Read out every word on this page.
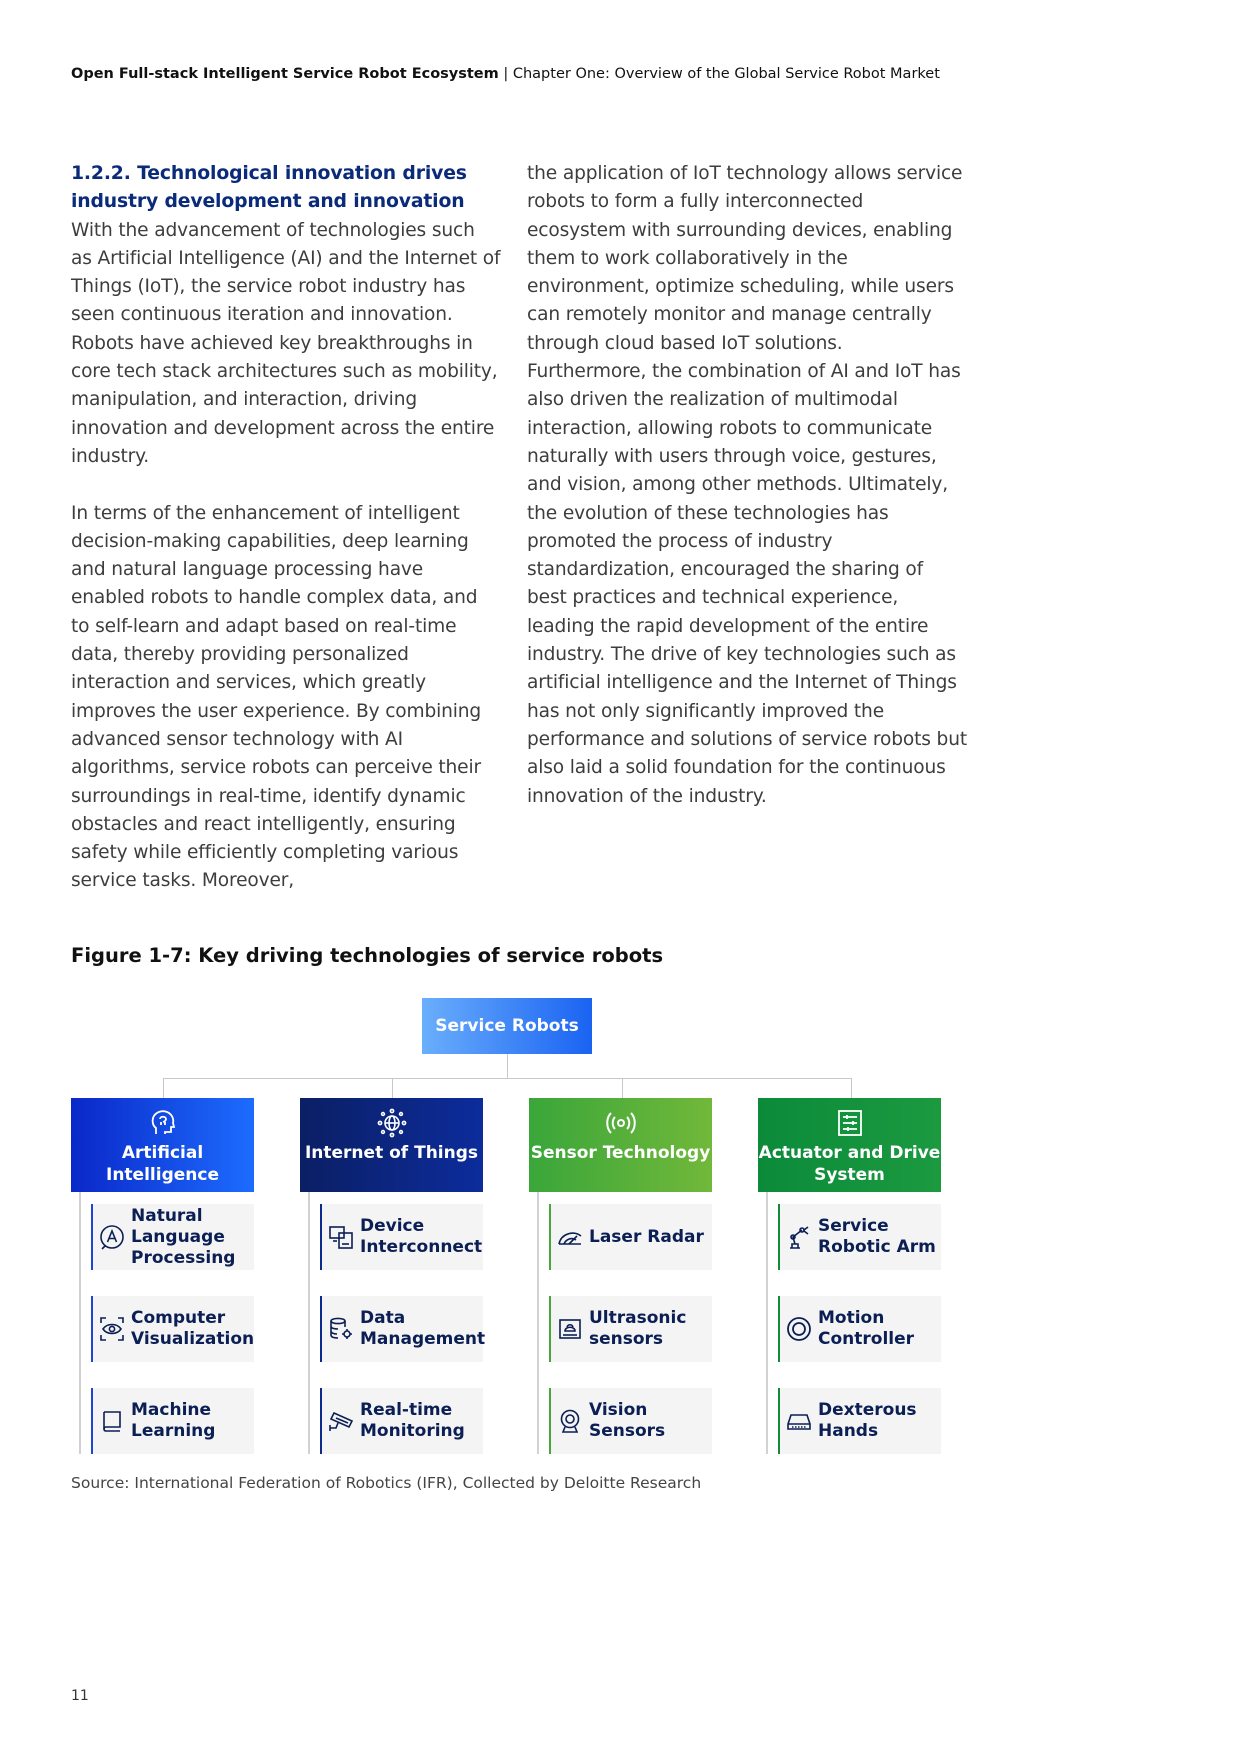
Open Full-stack Intelligent Service Robot Ecosystem | Chapter One: Overview of the Global Service Robot Market
1.2.2. Technological innovation drives industry development and innovation

With the advancement of technologies such as Artificial Intelligence (AI) and the Internet of Things (IoT), the service robot industry has seen continuous iteration and innovation. Robots have achieved key breakthroughs in core tech stack architectures such as mobility, manipulation, and interaction, driving innovation and development across the entire industry.

In terms of the enhancement of intelligent decision-making capabilities, deep learning and natural language processing have enabled robots to handle complex data, and to self-learn and adapt based on real-time data, thereby providing personalized interaction and services, which greatly improves the user experience. By combining advanced sensor technology with AI algorithms, service robots can perceive their surroundings in real-time, identify dynamic obstacles and react intelligently, ensuring safety while efficiently completing various service tasks. Moreover,

the application of IoT technology allows service robots to form a fully interconnected ecosystem with surrounding devices, enabling them to work collaboratively in the environment, optimize scheduling, while users can remotely monitor and manage centrally through cloud based IoT solutions. Furthermore, the combination of AI and IoT has also driven the realization of multimodal interaction, allowing robots to communicate naturally with users through voice, gestures, and vision, among other methods. Ultimately, the evolution of these technologies has promoted the process of industry standardization, encouraged the sharing of best practices and technical experience, leading the rapid development of the entire industry. The drive of key technologies such as artificial intelligence and the Internet of Things has not only significantly improved the performance and solutions of service robots but also laid a solid foundation for the continuous innovation of the industry.

Figure 1-7: Key driving technologies of service robots
Service Robots
Artificial Intelligence
Internet of Things	Sensor Technology	Actuator and Drive System
Natural Language Processing
Computer Visualization
Machine Learning
Device Interconnect
Data Management
Real-time Monitoring
Laser Radar
Ultrasonic sensors
Vision Sensors
Service Robotic Arm
Motion Controller
Dexterous Hands
Source: International Federation of Robotics (IFR), Collected by Deloitte Research
11
